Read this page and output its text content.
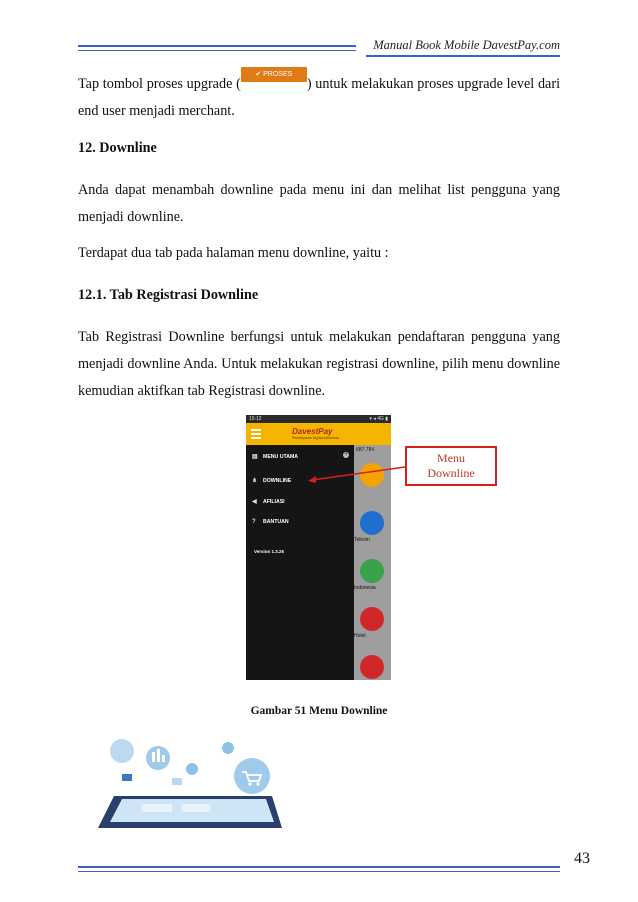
Manual Book Mobile DavestPay.com
Tap tombol proses upgrade (✔ PROSES UPGRADE ) untuk melakukan proses upgrade level dari end user menjadi merchant.
12. Downline
Anda dapat menambah downline pada menu ini dan melihat list pengguna yang menjadi downline.
Terdapat dua tab pada halaman menu downline, yaitu :
12.1. Tab Registrasi Downline
Tab Registrasi Downline berfungsi untuk melakukan pendaftaran pengguna yang menjadi downline Anda. Untuk melakukan registrasi downline, pilih menu downline kemudian aktifkan tab Registrasi downline.
15:12	▾ ◂ 4G ▮
DavestPay
Pembayaran Digital Indonesia
887.784
Telkom
Indonesia
Hotel
▤ MENU UTAMA	+
⋔ DOWNLINE
◀ AFILIASI
? BANTUAN
Version 1.3.25
Menu
Downline
Gambar 51 Menu Downline
43
